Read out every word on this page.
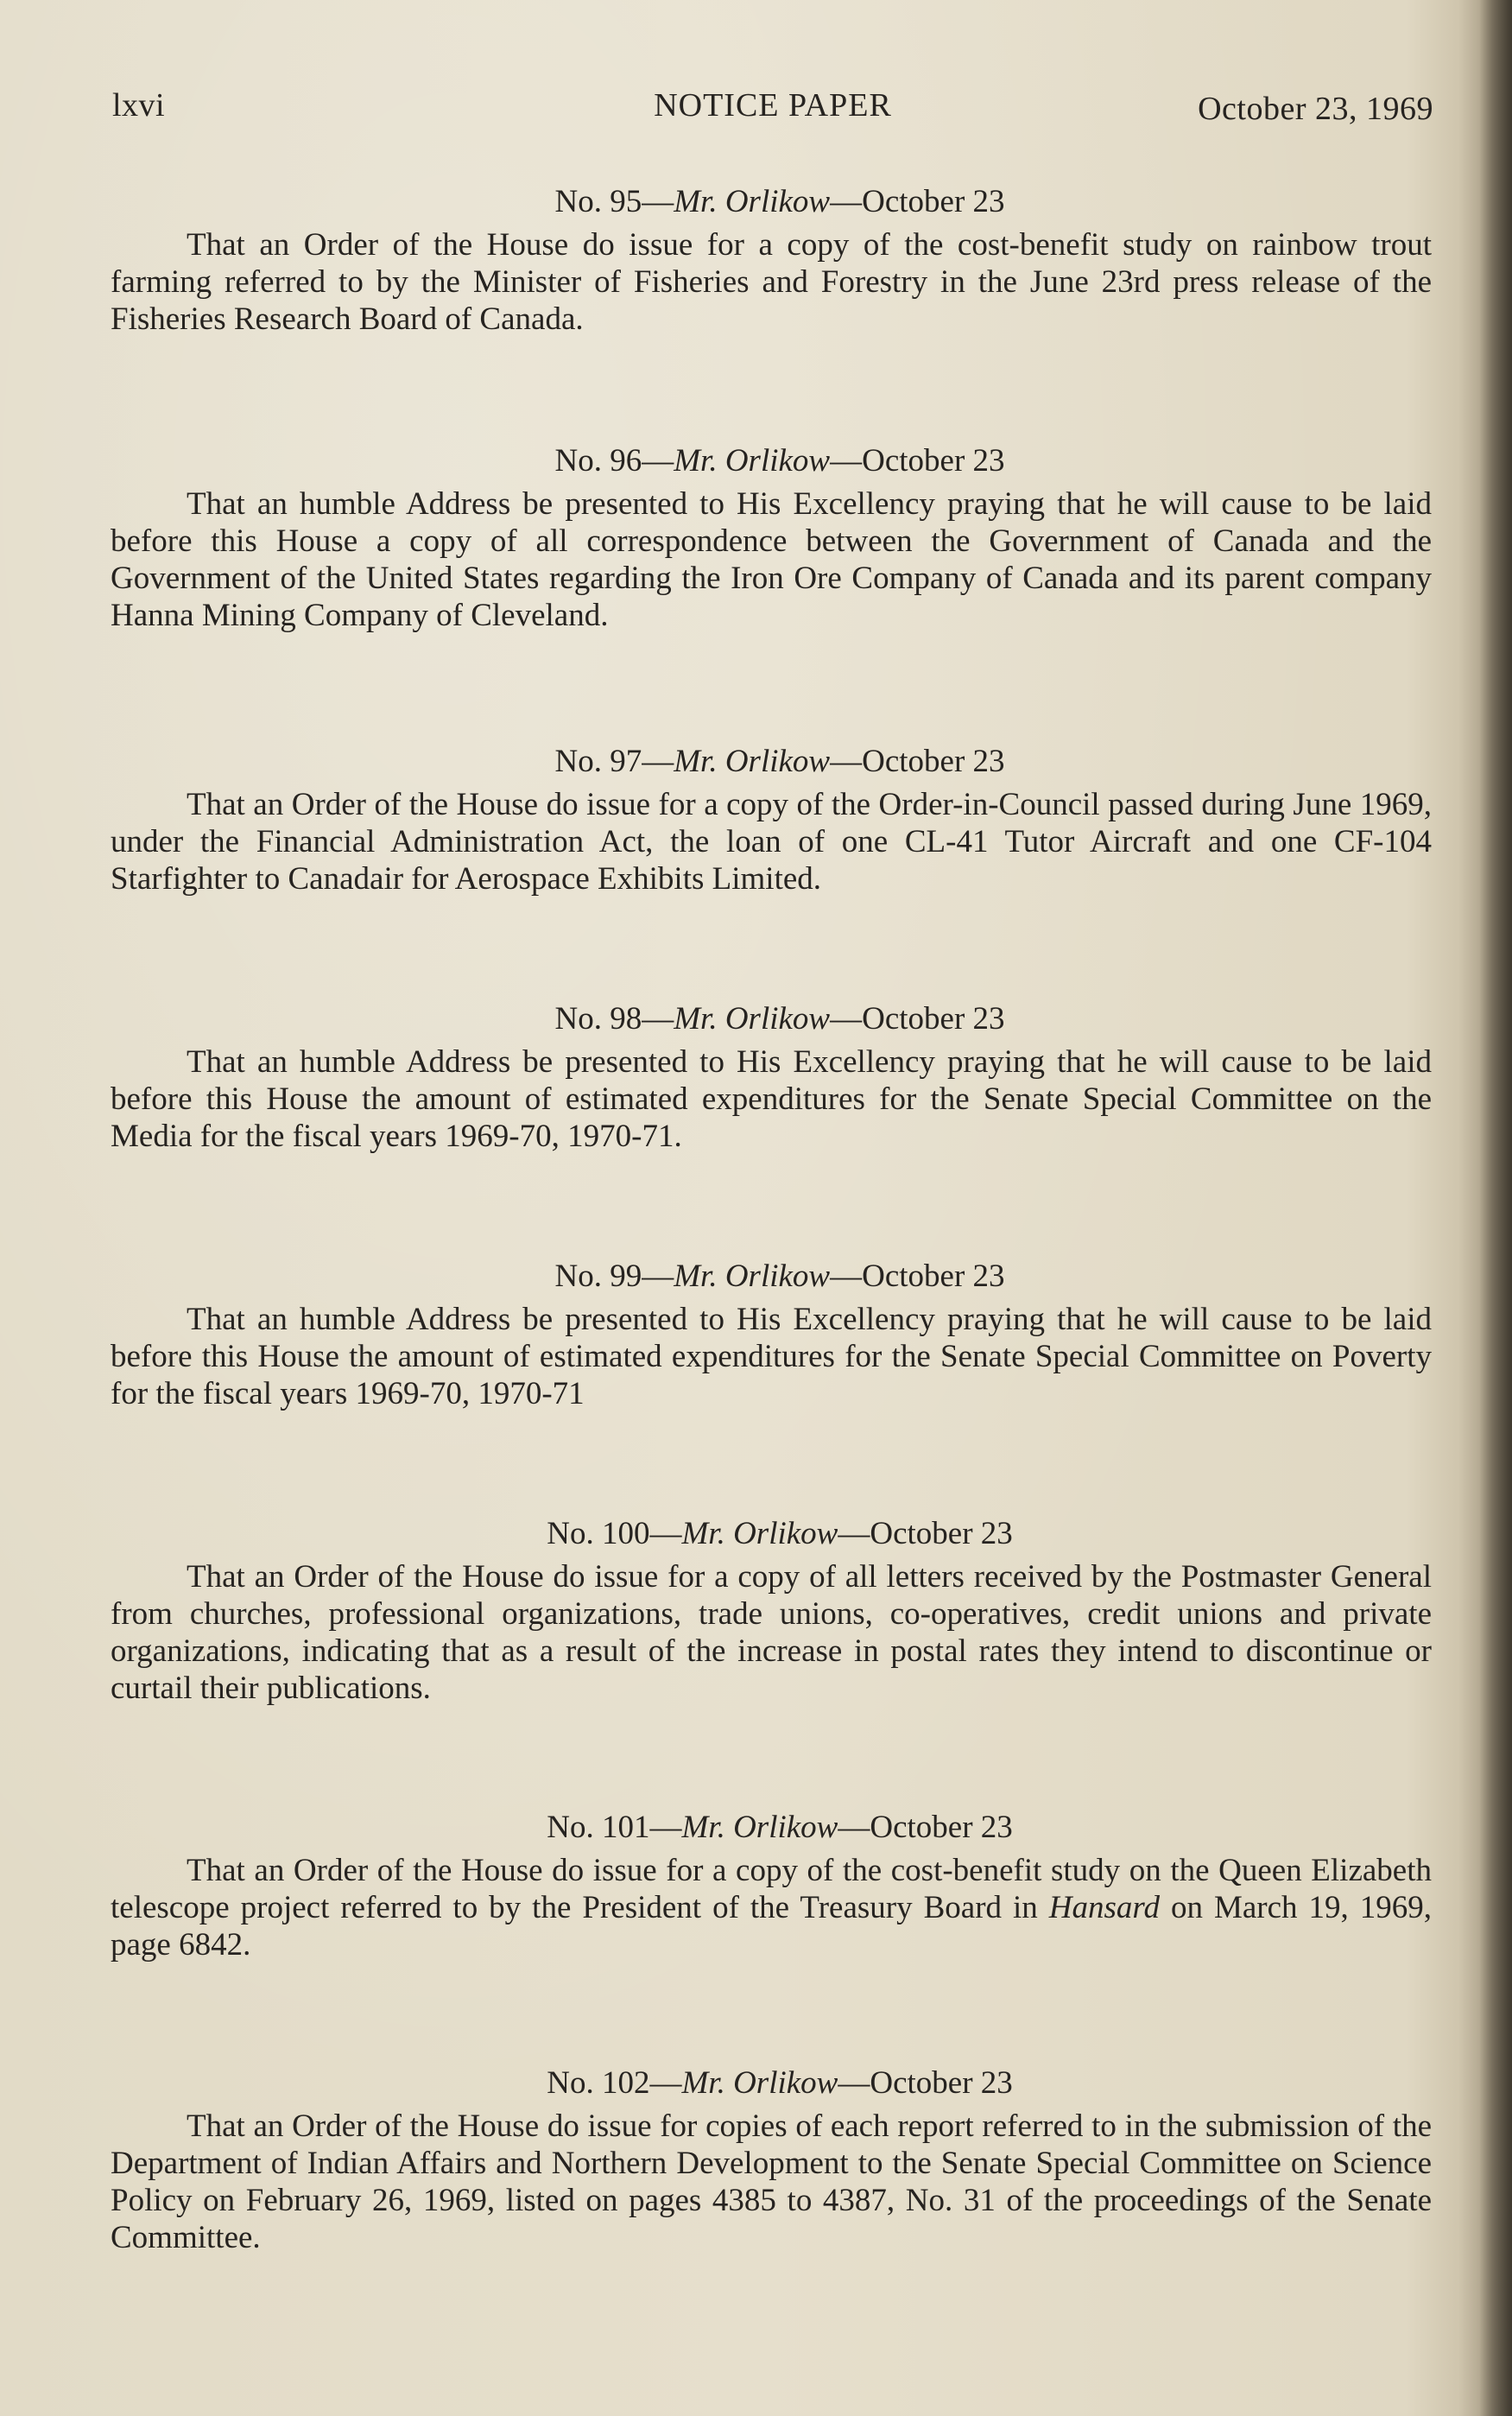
lxvi	NOTICE PAPER	October 23, 1969

No. 95—Mr. Orlikow—October 23

That an Order of the House do issue for a copy of the cost-benefit study on rainbow trout farming referred to by the Minister of Fisheries and Forestry in the June 23rd press release of the Fisheries Research Board of Canada.

No. 96—Mr. Orlikow—October 23

That an humble Address be presented to His Excellency praying that he will cause to be laid before this House a copy of all correspondence between the Government of Canada and the Government of the United States regarding the Iron Ore Company of Canada and its parent company Hanna Mining Company of Cleveland.

No. 97—Mr. Orlikow—October 23

That an Order of the House do issue for a copy of the Order-in-Council passed during June 1969, under the Financial Administration Act, the loan of one CL-41 Tutor Aircraft and one CF-104 Starfighter to Canadair for Aerospace Exhibits Limited.

No. 98—Mr. Orlikow—October 23

That an humble Address be presented to His Excellency praying that he will cause to be laid before this House the amount of estimated expenditures for the Senate Special Committee on the Media for the fiscal years 1969-70, 1970-71.

No. 99—Mr. Orlikow—October 23

That an humble Address be presented to His Excellency praying that he will cause to be laid before this House the amount of estimated expenditures for the Senate Special Committee on Poverty for the fiscal years 1969-70, 1970-71

No. 100—Mr. Orlikow—October 23

That an Order of the House do issue for a copy of all letters received by the Postmaster General from churches, professional organizations, trade unions, co-operatives, credit unions and private organizations, indicating that as a result of the increase in postal rates they intend to discontinue or curtail their publications.

No. 101—Mr. Orlikow—October 23

That an Order of the House do issue for a copy of the cost-benefit study on the Queen Elizabeth telescope project referred to by the President of the Treasury Board in Hansard on March 19, 1969, page 6842.

No. 102—Mr. Orlikow—October 23

That an Order of the House do issue for copies of each report referred to in the submission of the Department of Indian Affairs and Northern Development to the Senate Special Committee on Science Policy on February 26, 1969, listed on pages 4385 to 4387, No. 31 of the proceedings of the Senate Committee.
